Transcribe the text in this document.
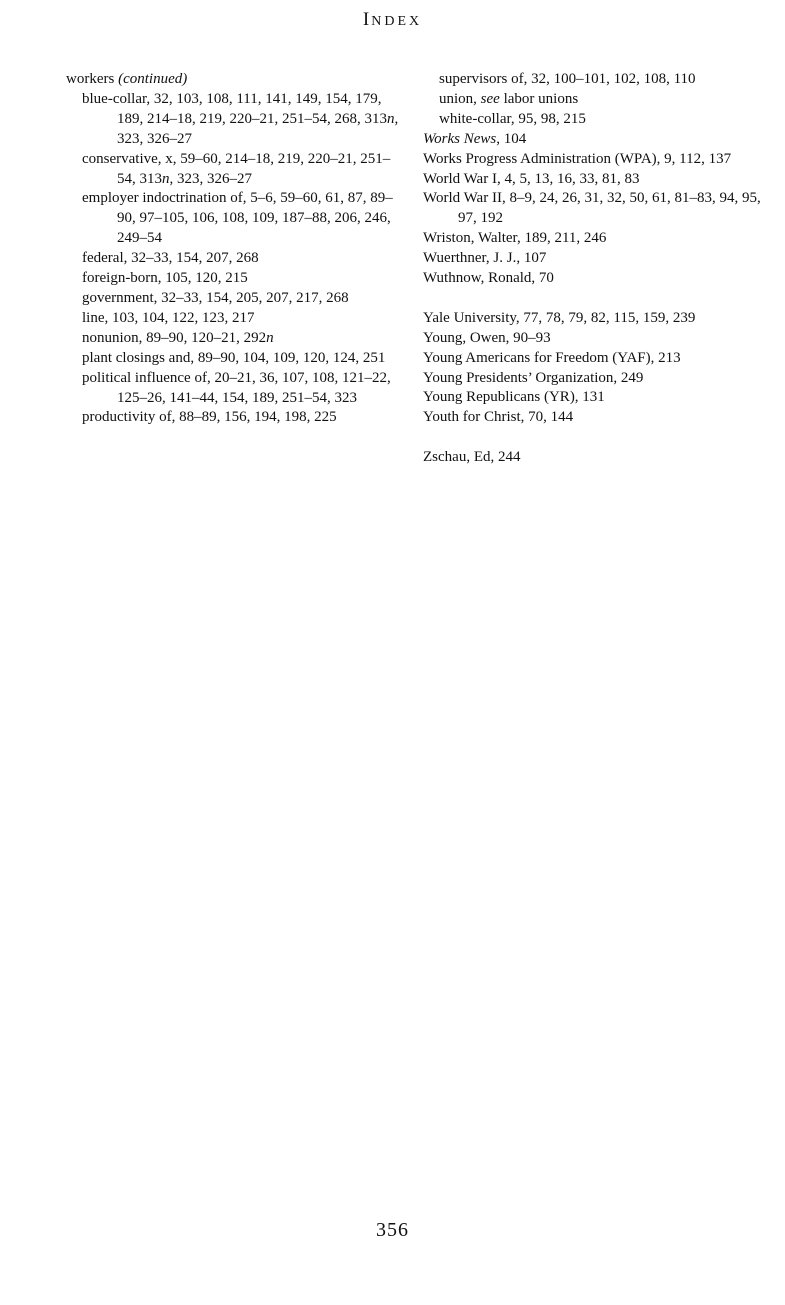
INDEX

workers (continued)

blue-collar, 32, 103, 108, 111, 141, 149, 154, 179, 189, 214–18, 219, 220–21, 251–54, 268, 313n, 323, 326–27

conservative, x, 59–60, 214–18, 219, 220–21, 251–54, 313n, 323, 326–27

employer indoctrination of, 5–6, 59–60, 61, 87, 89–90, 97–105, 106, 108, 109, 187–88, 206, 246, 249–54

federal, 32–33, 154, 207, 268

foreign-born, 105, 120, 215

government, 32–33, 154, 205, 207, 217, 268

line, 103, 104, 122, 123, 217

nonunion, 89–90, 120–21, 292n

plant closings and, 89–90, 104, 109, 120, 124, 251

political influence of, 20–21, 36, 107, 108, 121–22, 125–26, 141–44, 154, 189, 251–54, 323

productivity of, 88–89, 156, 194, 198, 225

supervisors of, 32, 100–101, 102, 108, 110

union, see labor unions

white-collar, 95, 98, 215

Works News, 104

Works Progress Administration (WPA), 9, 112, 137

World War I, 4, 5, 13, 16, 33, 81, 83

World War II, 8–9, 24, 26, 31, 32, 50, 61, 81–83, 94, 95, 97, 192

Wriston, Walter, 189, 211, 246

Wuerthner, J. J., 107

Wuthnow, Ronald, 70

Yale University, 77, 78, 79, 82, 115, 159, 239

Young, Owen, 90–93

Young Americans for Freedom (YAF), 213

Young Presidents’ Organization, 249

Young Republicans (YR), 131

Youth for Christ, 70, 144

Zschau, Ed, 244

356
